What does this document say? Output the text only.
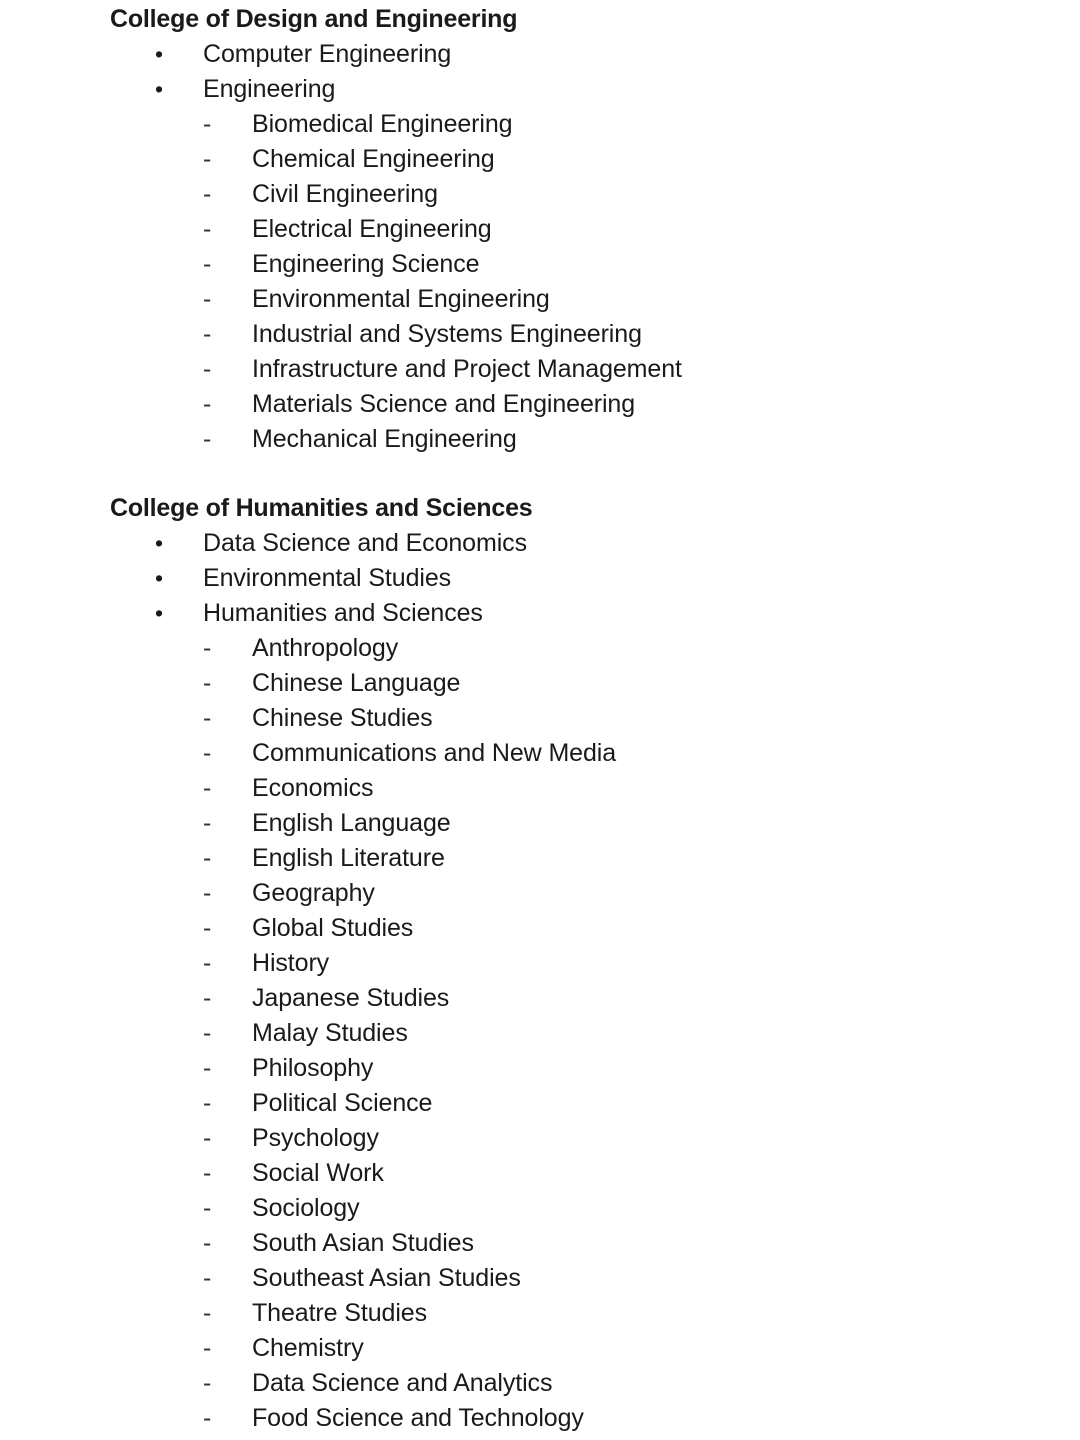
College of Design and Engineering
•	Computer Engineering
•	Engineering
-	Biomedical Engineering
-	Chemical Engineering
-	Civil Engineering
-	Electrical Engineering
-	Engineering Science
-	Environmental Engineering
-	Industrial and Systems Engineering
-	Infrastructure and Project Management
-	Materials Science and Engineering
-	Mechanical Engineering
College of Humanities and Sciences
•	Data Science and Economics
•	Environmental Studies
•	Humanities and Sciences
-	Anthropology
-	Chinese Language
-	Chinese Studies
-	Communications and New Media
-	Economics
-	English Language
-	English Literature
-	Geography
-	Global Studies
-	History
-	Japanese Studies
-	Malay Studies
-	Philosophy
-	Political Science
-	Psychology
-	Social Work
-	Sociology
-	South Asian Studies
-	Southeast Asian Studies
-	Theatre Studies
-	Chemistry
-	Data Science and Analytics
-	Food Science and Technology
